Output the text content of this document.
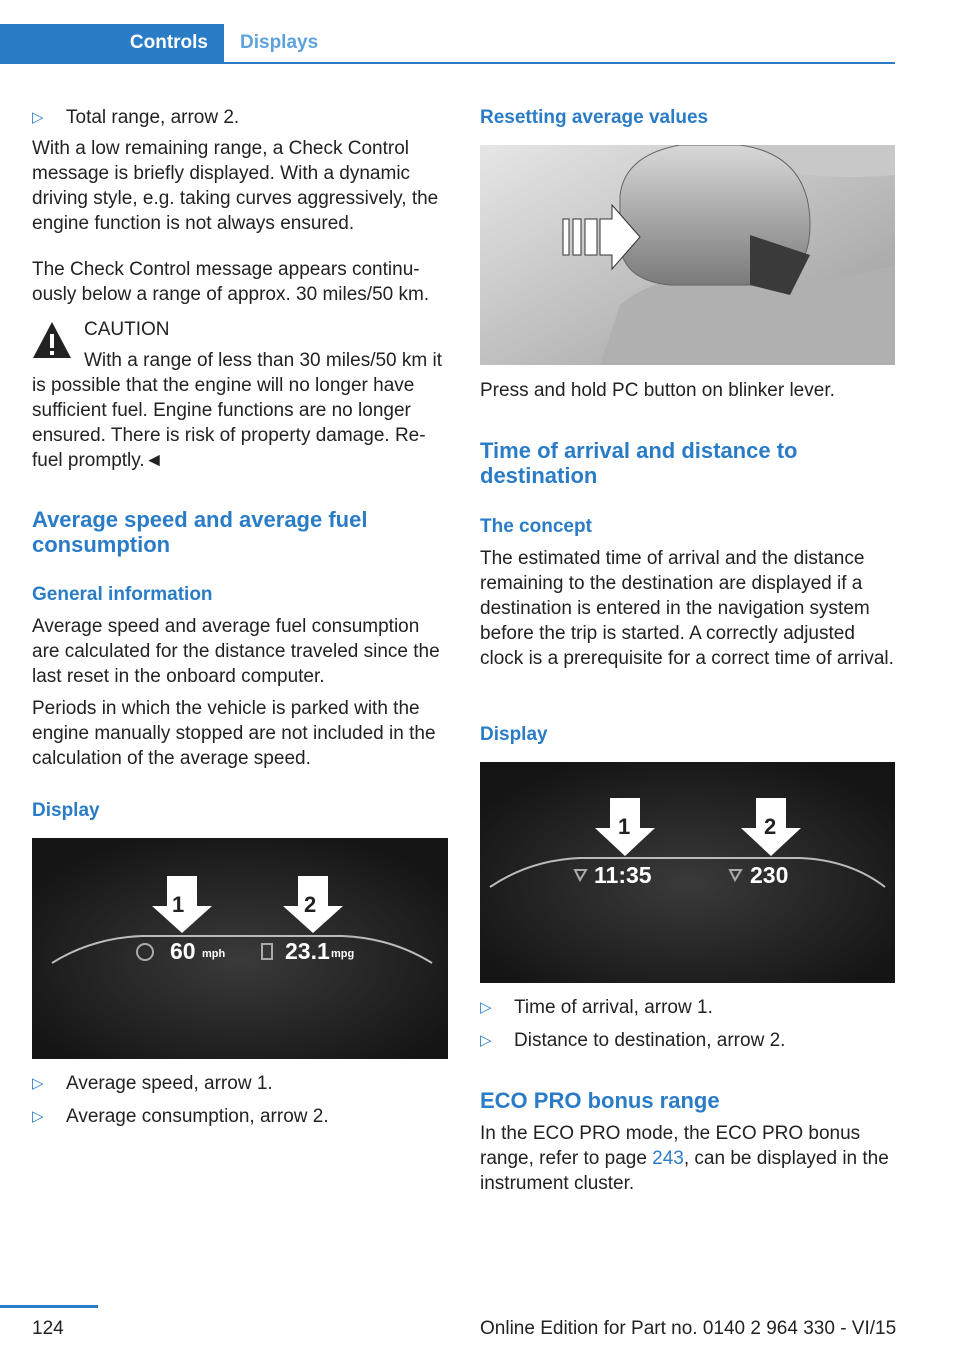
Controls	Displays
▷	Total range, arrow 2.

With a low remaining range, a Check Control message is briefly displayed. With a dynamic driving style, e.g. taking curves aggressively, the engine function is not always ensured.

The Check Control message appears continuously below a range of approx. 30 miles/50 km.

CAUTION

With a range of less than 30 miles/50 km it is possible that the engine will no longer have sufficient fuel. Engine functions are no longer ensured. There is risk of property damage. Refuel promptly.◄

Average speed and average fuel consumption
General information

Average speed and average fuel consumption are calculated for the distance traveled since the last reset in the onboard computer.

Periods in which the vehicle is parked with the engine manually stopped are not included in the calculation of the average speed.

Display
1	2
60 mph	23.1 mpg
▷	Average speed, arrow 1.
▷	Average consumption, arrow 2.
Resetting average values

Press and hold PC button on blinker lever.

Time of arrival and distance to destination
The concept

The estimated time of arrival and the distance remaining to the destination are displayed if a destination is entered in the navigation system before the trip is started. A correctly adjusted clock is a prerequisite for a correct time of arrival.

Display
1	2
11:35	230
▷	Time of arrival, arrow 1.
▷	Distance to destination, arrow 2.
ECO PRO bonus range

In the ECO PRO mode, the ECO PRO bonus range, refer to page 243, can be displayed in the instrument cluster.

124	Online Edition for Part no. 0140 2 964 330 - VI/15
